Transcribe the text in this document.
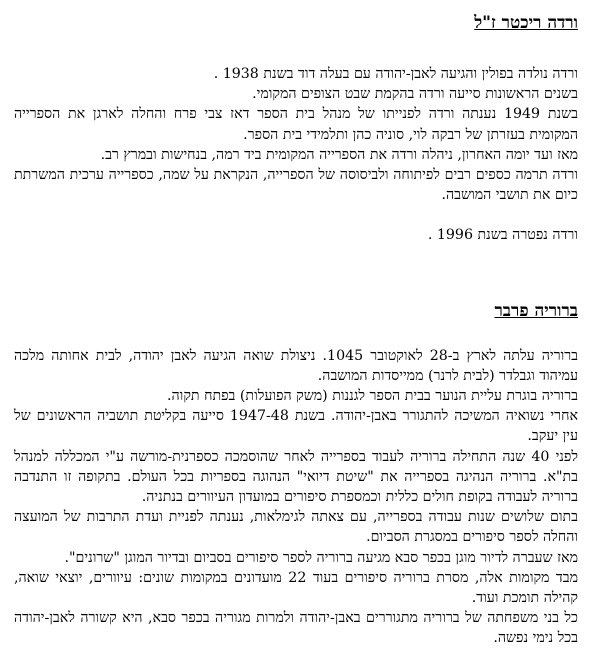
ורדה ריכטר ז"ל

ורדה נולדה בפולין והגיעה לאבן-יהודה עם בעלה דוד בשנת 1938 .

בשנים הראשונות סייעה ורדה בהקמת שבט הצופים המקומי.

בשנת 1949 נענתה ורדה לפנייתו של מנהל בית הספר דאז צבי פרח והחלה לארגן את הספרייה המקומית בעזרתן של רבקה לוי, סוניה כהן ותלמידי בית הספר.

מאז ועד יומה האחרון, ניהלה ורדה את הספרייה המקומית ביד רמה, בנחישות ובמרץ רב.

ורדה תרמה כספים רבים לפיתוחה ולביסוסה של הספרייה, הנקראת על שמה, כספרייה ערכית המשרתת כיום את תושבי המושבה.

ורדה נפטרה בשנת 1996 .

ברוריה פרבר

ברוריה עלתה לארץ ב-28 לאוקטובר 1045. ניצולת שואה הגיעה לאבן יהודה, לבית אחותה מלכה עמיהוד וגבלדר (לבית לרנר) ממייסדות המושבה.

ברוריה בוגרת עליית הנוער בבית הספר לגננות (משק הפועלות) בפתח תקוה.

אחרי נשואיה המשיכה להתגורר באבן-יהודה. בשנת 1947-48 סייעה בקליטת תושביה הראשונים של עין יעקב.

לפני 40 שנה התחילה ברוריה לעבוד בספרייה לאחר שהוסמכה כספרנית-מורשה ע"י המכללה למנהל בת"א. ברוריה הנהיגה בספרייה את "שיטת דיואי" הנהוגה בספריות בכל העולם. בתקופה זו התנדבה ברוריה לעבודה בקופת חולים כללית וכמספרת סיפורים במועדון העיוורים בנתניה.

בתום שלושים שנות עבודה בספרייה, עם צאתה לגימלאות, נענתה לפניית ועדת התרבות של המועצה והחלה לספר סיפורים במסגרת הסביום.

מאז שעברה לדיור מוגן בכפר סבא מגיעה ברוריה לספר סיפורים בסביום ובדיור המוגן "שרונים".

מבד מקומות אלה, מסרת ברוריה סיפורים בעוד 22 מועדונים במקומות שונים: עיוורים, יוצאי שואה, קהילה תומכת ועוד.

כל בני משפחתה של ברוריה מתגוררים באבן-יהודה ולמרות מגוריה בכפר סבא, היא קשורה לאבן-יהודה בכל נימי נפשה.
